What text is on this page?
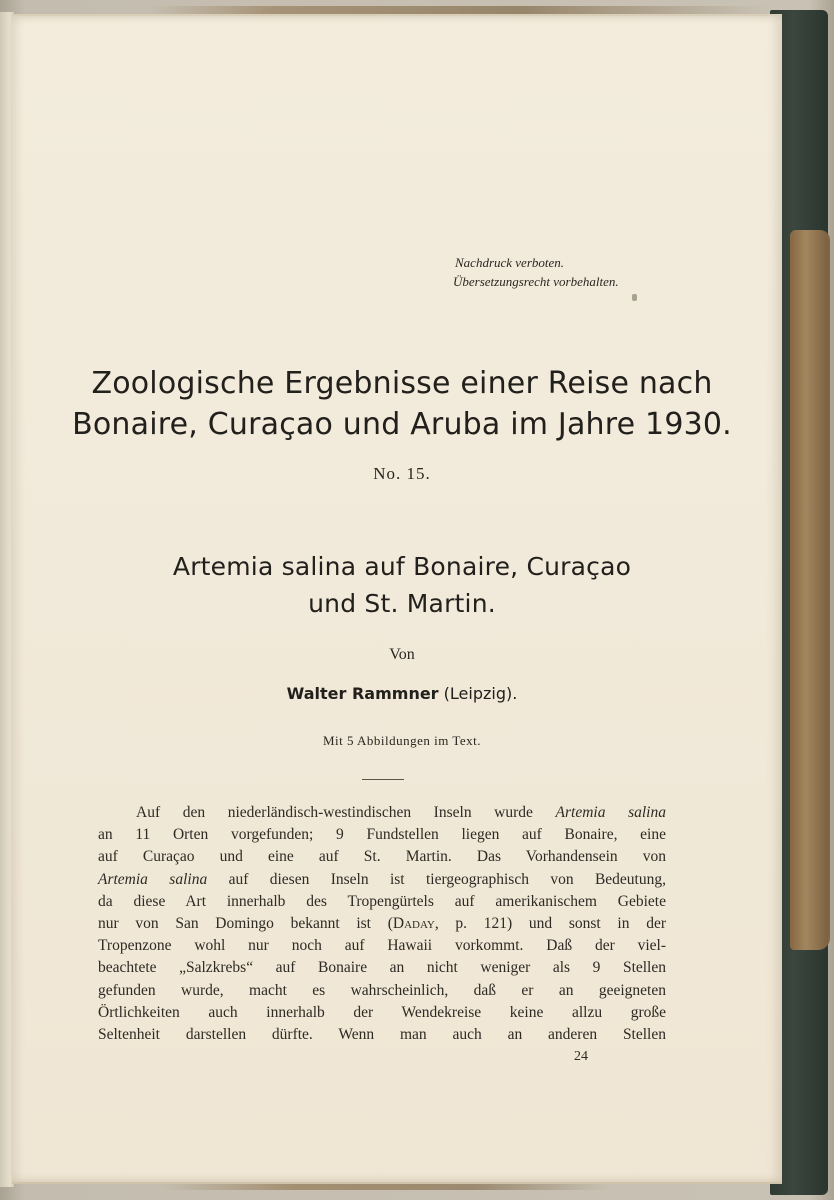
Nachdruck verboten.
Übersetzungsrecht vorbehalten.
Zoologische Ergebnisse einer Reise nach
Bonaire, Curaçao und Aruba im Jahre 1930.
No. 15.
Artemia salina auf Bonaire, Curaçao
und St. Martin.
Von
Walter Rammner (Leipzig).
Mit 5 Abbildungen im Text.
Auf den niederländisch-westindischen Inseln wurde Artemia salina
an 11 Orten vorgefunden; 9 Fundstellen liegen auf Bonaire, eine
auf Curaçao und eine auf St. Martin. Das Vorhandensein von
Artemia salina auf diesen Inseln ist tiergeographisch von Bedeutung,
da diese Art innerhalb des Tropengürtels auf amerikanischem Gebiete
nur von San Domingo bekannt ist (Daday, p. 121) und sonst in der
Tropenzone wohl nur noch auf Hawaii vorkommt. Daß der viel-
beachtete „Salzkrebs“ auf Bonaire an nicht weniger als 9 Stellen
gefunden wurde, macht es wahrscheinlich, daß er an geeigneten
Örtlichkeiten auch innerhalb der Wendekreise keine allzu große
Seltenheit darstellen dürfte. Wenn man auch an anderen Stellen
24
